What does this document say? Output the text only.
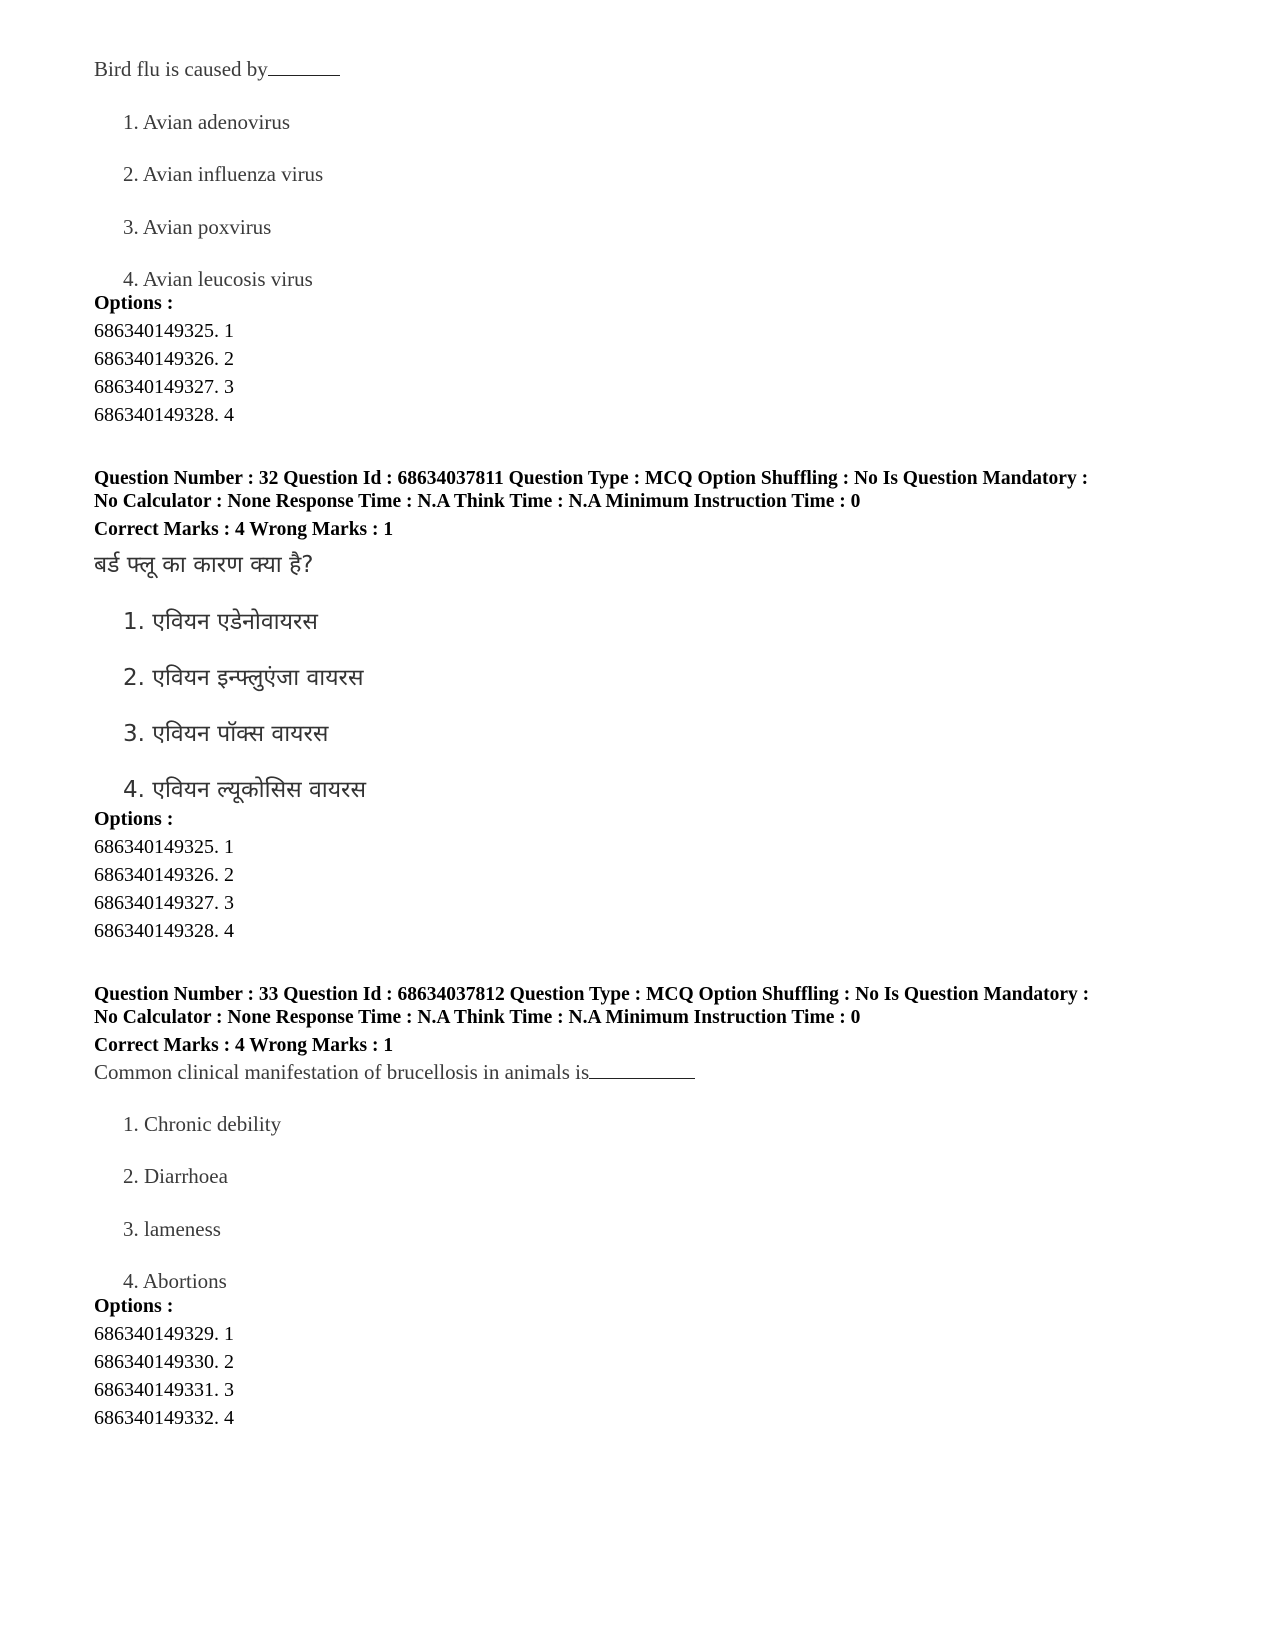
Bird flu is caused by
1. Avian adenovirus
2. Avian influenza virus
3. Avian poxvirus
4. Avian leucosis virus
Options :
686340149325. 1
686340149326. 2
686340149327. 3
686340149328. 4
Question Number : 32 Question Id : 68634037811 Question Type : MCQ Option Shuffling : No Is Question Mandatory :
No Calculator : None Response Time : N.A Think Time : N.A Minimum Instruction Time : 0
Correct Marks : 4 Wrong Marks : 1
बर्ड फ्लू का कारण क्या है?
1. एवियन एडेनोवायरस
2. एवियन इन्फ्लुएंजा वायरस
3. एवियन पॉक्स वायरस
4. एवियन ल्यूकोसिस वायरस
Options :
686340149325. 1
686340149326. 2
686340149327. 3
686340149328. 4
Question Number : 33 Question Id : 68634037812 Question Type : MCQ Option Shuffling : No Is Question Mandatory :
No Calculator : None Response Time : N.A Think Time : N.A Minimum Instruction Time : 0
Correct Marks : 4 Wrong Marks : 1
Common clinical manifestation of brucellosis in animals is
1. Chronic debility
2. Diarrhoea
3. lameness
4. Abortions
Options :
686340149329. 1
686340149330. 2
686340149331. 3
686340149332. 4
